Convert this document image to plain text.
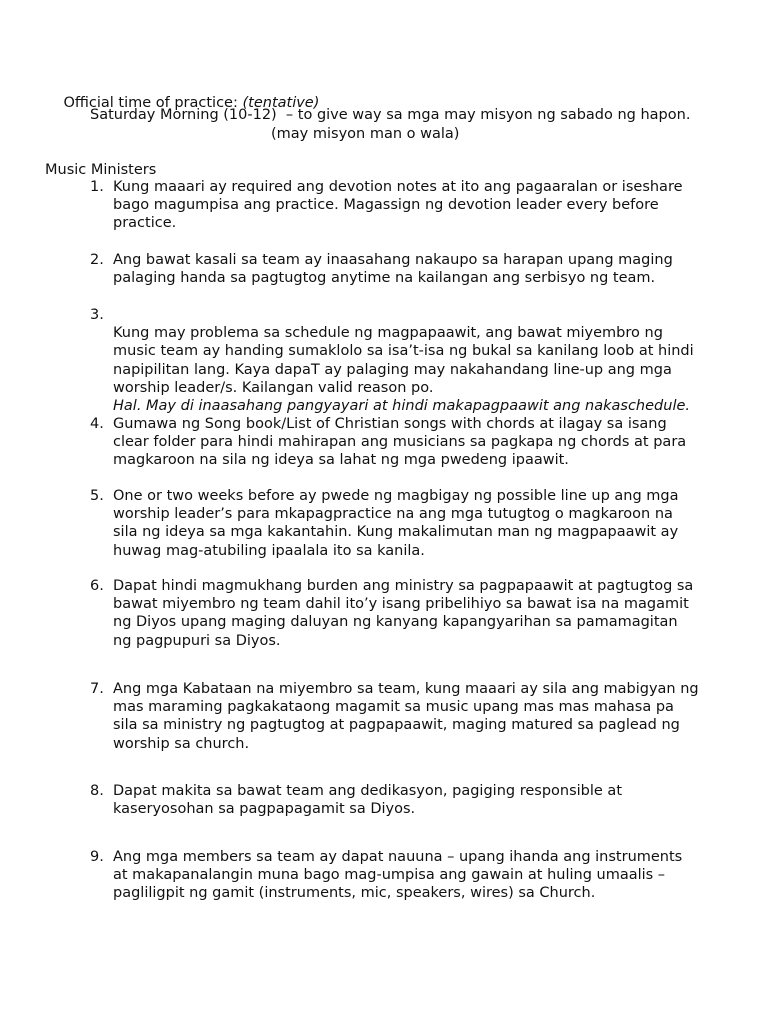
Official time of practice: (tentative)

Saturday Morning (10-12)  – to give way sa mga may misyon ng sabado ng hapon.
(may misyon man o wala)
Music Ministers
1. Kung maaari ay required ang devotion notes at ito ang pagaaralan or iseshare
bago magumpisa ang practice. Magassign ng devotion leader every before
practice.
2. Ang bawat kasali sa team ay inaasahang nakaupo sa harapan upang maging
palaging handa sa pagtugtog anytime na kailangan ang serbisyo ng team.
3.

Kung may problema sa schedule ng magpapaawit, ang bawat miyembro ng
music team ay handing sumaklolo sa isa’t-isa ng bukal sa kanilang loob at hindi
napipilitan lang. Kaya dapaT ay palaging may nakahandang line-up ang mga
worship leader/s. Kailangan valid reason po.

Hal. May di inaasahang pangyayari at hindi makapagpaawit ang nakaschedule.

4. Gumawa ng Song book/List of Christian songs with chords at ilagay sa isang
clear folder para hindi mahirapan ang musicians sa pagkapa ng chords at para
magkaroon na sila ng ideya sa lahat ng mga pwedeng ipaawit.
5. One or two weeks before ay pwede ng magbigay ng possible line up ang mga
worship leader’s para mkapagpractice na ang mga tutugtog o magkaroon na
sila ng ideya sa mga kakantahin. Kung makalimutan man ng magpapaawit ay
huwag mag-atubiling ipaalala ito sa kanila.
6. Dapat hindi magmukhang burden ang ministry sa pagpapaawit at pagtugtog sa
bawat miyembro ng team dahil ito’y isang pribelihiyo sa bawat isa na magamit
ng Diyos upang maging daluyan ng kanyang kapangyarihan sa pamamagitan
ng pagpupuri sa Diyos.
7. Ang mga Kabataan na miyembro sa team, kung maaari ay sila ang mabigyan ng
mas maraming pagkakataong magamit sa music upang mas mas mahasa pa
sila sa ministry ng pagtugtog at pagpapaawit, maging matured sa paglead ng
worship sa church.
8. Dapat makita sa bawat team ang dedikasyon, pagiging responsible at
kaseryosohan sa pagpapagamit sa Diyos.
9. Ang mga members sa team ay dapat nauuna – upang ihanda ang instruments
at makapanalangin muna bago mag-umpisa ang gawain at huling umaalis –
pagliligpit ng gamit (instruments, mic, speakers, wires) sa Church.
